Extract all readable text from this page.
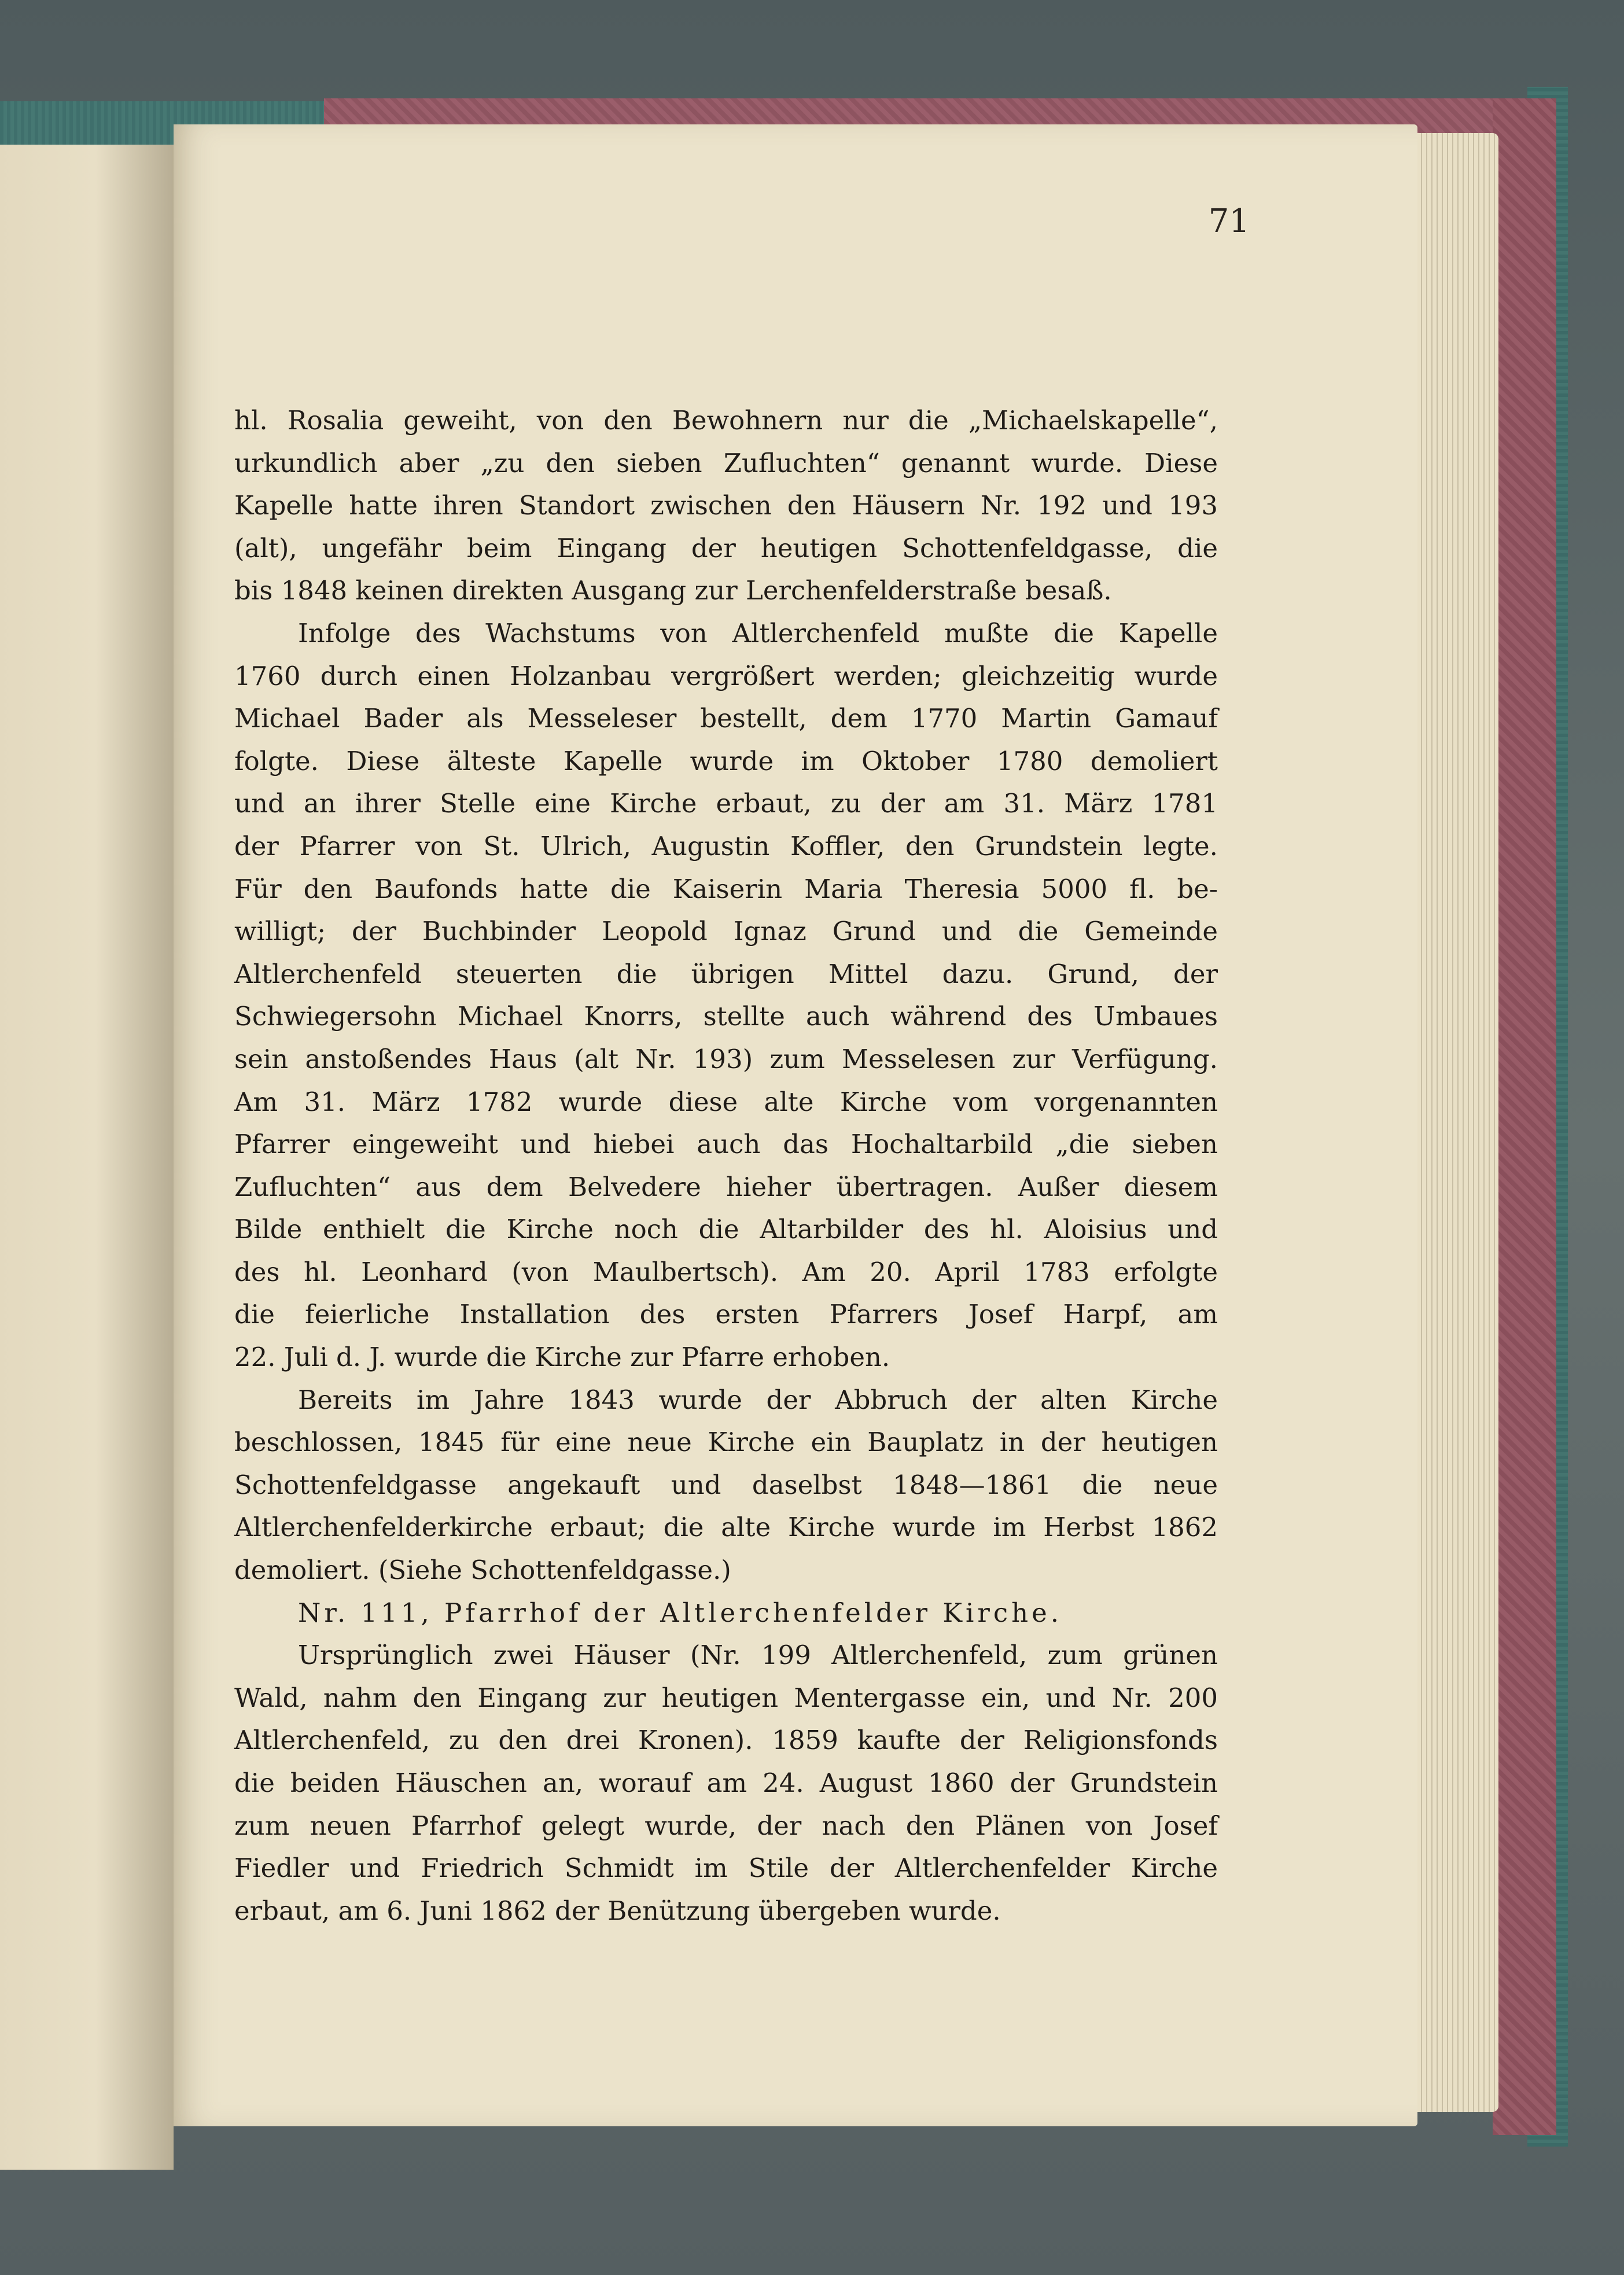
71
hl. Rosalia geweiht, von den Bewohnern nur die „Michaelskapelle“,
urkundlich aber „zu den sieben Zufluchten“ genannt wurde. Diese
Kapelle hatte ihren Standort zwischen den Häusern Nr. 192 und 193
(alt), ungefähr beim Eingang der heutigen Schottenfeldgasse, die
bis 1848 keinen direkten Ausgang zur Lerchenfelderstraße besaß.
Infolge des Wachstums von Altlerchenfeld mußte die Kapelle
1760 durch einen Holzanbau vergrößert werden; gleichzeitig wurde
Michael Bader als Messeleser bestellt, dem 1770 Martin Gamauf
folgte. Diese älteste Kapelle wurde im Oktober 1780 demoliert
und an ihrer Stelle eine Kirche erbaut, zu der am 31. März 1781
der Pfarrer von St. Ulrich, Augustin Koffler, den Grundstein legte.
Für den Baufonds hatte die Kaiserin Maria Theresia 5000 fl. be-
willigt; der Buchbinder Leopold Ignaz Grund und die Gemeinde
Altlerchenfeld steuerten die übrigen Mittel dazu. Grund, der
Schwiegersohn Michael Knorrs, stellte auch während des Umbaues
sein anstoßendes Haus (alt Nr. 193) zum Messelesen zur Verfügung.
Am 31. März 1782 wurde diese alte Kirche vom vorgenannten
Pfarrer eingeweiht und hiebei auch das Hochaltarbild „die sieben
Zufluchten“ aus dem Belvedere hieher übertragen. Außer diesem
Bilde enthielt die Kirche noch die Altarbilder des hl. Aloisius und
des hl. Leonhard (von Maulbertsch). Am 20. April 1783 erfolgte
die feierliche Installation des ersten Pfarrers Josef Harpf, am
22. Juli d. J. wurde die Kirche zur Pfarre erhoben.
Bereits im Jahre 1843 wurde der Abbruch der alten Kirche
beschlossen, 1845 für eine neue Kirche ein Bauplatz in der heutigen
Schottenfeldgasse angekauft und daselbst 1848—1861 die neue
Altlerchenfelderkirche erbaut; die alte Kirche wurde im Herbst 1862
demoliert. (Siehe Schottenfeldgasse.)
Nr. 111, Pfarrhof der Altlerchenfelder Kirche.
Ursprünglich zwei Häuser (Nr. 199 Altlerchenfeld, zum grünen
Wald, nahm den Eingang zur heutigen Mentergasse ein, und Nr. 200
Altlerchenfeld, zu den drei Kronen). 1859 kaufte der Religionsfonds
die beiden Häuschen an, worauf am 24. August 1860 der Grundstein
zum neuen Pfarrhof gelegt wurde, der nach den Plänen von Josef
Fiedler und Friedrich Schmidt im Stile der Altlerchenfelder Kirche
erbaut, am 6. Juni 1862 der Benützung übergeben wurde.
